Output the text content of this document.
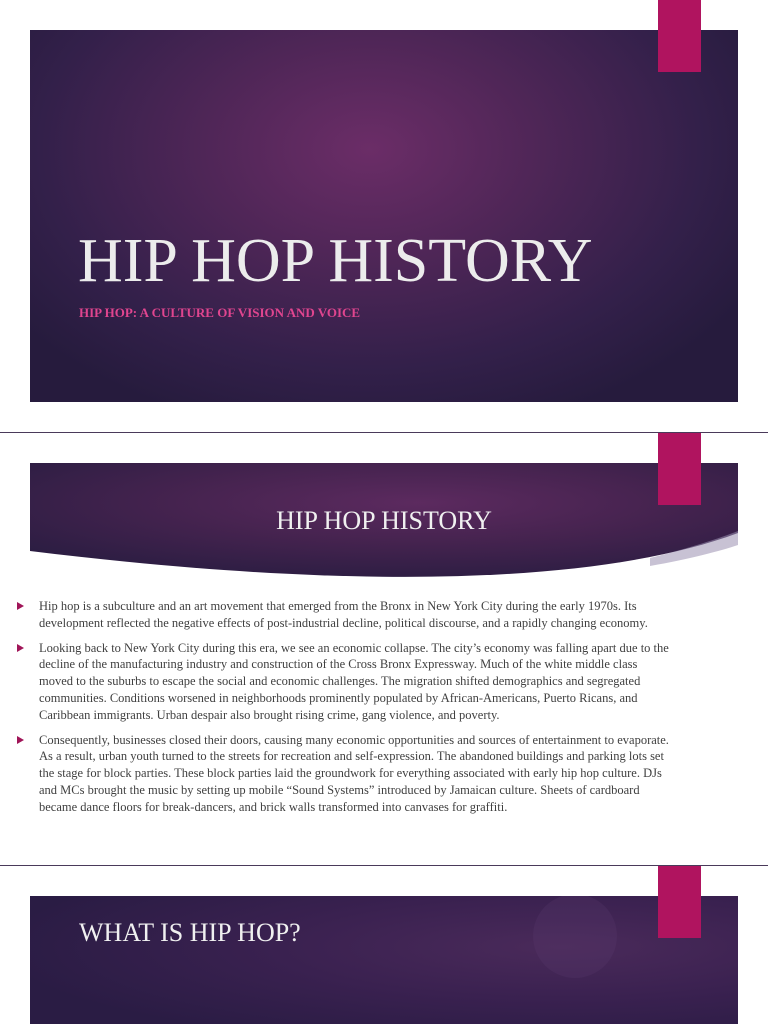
HIP HOP HISTORY

HIP HOP: A CULTURE OF VISION AND VOICE

HIP HOP HISTORY
Hip hop is a subculture and an art movement that emerged from the Bronx in New York City during the early 1970s. Its development reflected the negative effects of post-industrial decline, political discourse, and a rapidly changing economy.
Looking back to New York City during this era, we see an economic collapse. The city’s economy was falling apart due to the decline of the manufacturing industry and construction of the Cross Bronx Expressway. Much of the white middle class moved to the suburbs to escape the social and economic challenges. The migration shifted demographics and segregated communities. Conditions worsened in neighborhoods prominently populated by African-Americans, Puerto Ricans, and Caribbean immigrants. Urban despair also brought rising crime, gang violence, and poverty.
Consequently, businesses closed their doors, causing many economic opportunities and sources of entertainment to evaporate. As a result, urban youth turned to the streets for recreation and self-expression. The abandoned buildings and parking lots set the stage for block parties. These block parties laid the groundwork for everything associated with early hip hop culture. DJs and MCs brought the music by setting up mobile “Sound Systems” introduced by Jamaican culture. Sheets of cardboard became dance floors for break-dancers, and brick walls transformed into canvases for graffiti.
WHAT IS HIP HOP?
